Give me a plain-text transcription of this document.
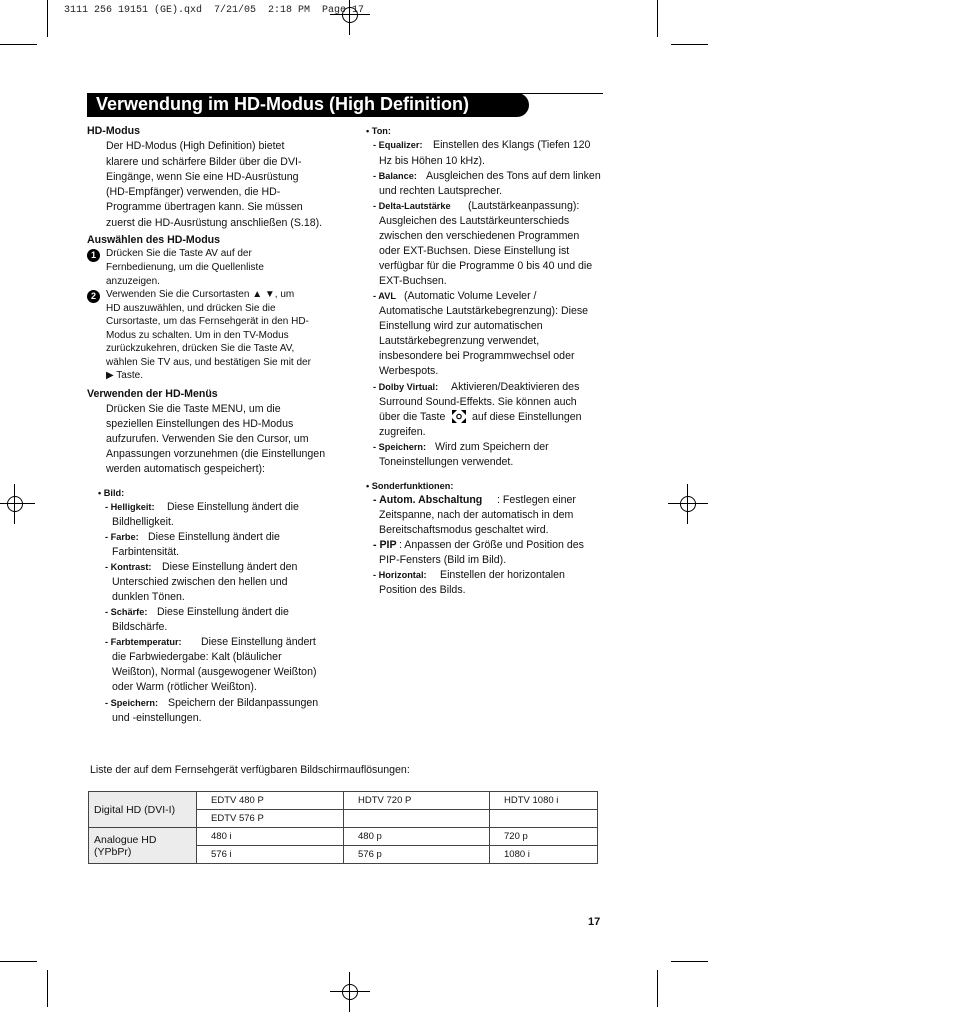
3111 256 19151 (GE).qxd  7/21/05  2:18 PM  Page 17
Verwendung im HD-Modus (High Definition)
HD-Modus
Der HD-Modus (High Definition) bietet
klarere und schärfere Bilder über die DVI-
Eingänge, wenn Sie eine HD-Ausrüstung
(HD-Empfänger) verwenden, die HD-
Programme übertragen kann. Sie müssen
zuerst die HD-Ausrüstung anschließen (S.18).
Auswählen des HD-Modus
1	Drücken Sie die Taste AV auf der
Fernbedienung, um die Quellenliste
anzuzeigen.
2	Verwenden Sie die Cursortasten ▲ ▼, um
HD auszuwählen, und drücken Sie die
Cursortaste, um das Fernsehgerät in den HD-
Modus zu schalten. Um in den TV-Modus
zurückzukehren, drücken Sie die Taste AV,
wählen Sie TV aus, und bestätigen Sie mit der
▶ Taste.
Verwenden der HD-Menüs
Drücken Sie die Taste MENU, um die
speziellen Einstellungen des HD-Modus
aufzurufen. Verwenden Sie den Cursor, um
Anpassungen vorzunehmen (die Einstellungen
werden automatisch gespeichert):
• Bild:
- Helligkeit: Diese Einstellung ändert die
Bildhelligkeit.
- Farbe: Diese Einstellung ändert die
Farbintensität.
- Kontrast: Diese Einstellung ändert den
Unterschied zwischen den hellen und
dunklen Tönen.
- Schärfe: Diese Einstellung ändert die
Bildschärfe.
- Farbtemperatur: Diese Einstellung ändert
die Farbwiedergabe: Kalt (bläulicher
Weißton), Normal (ausgewogener Weißton)
oder Warm (rötlicher Weißton).
- Speichern: Speichern der Bildanpassungen
und -einstellungen.
• Ton:
- Equalizer: Einstellen des Klangs (Tiefen 120
Hz bis Höhen 10 kHz).
- Balance: Ausgleichen des Tons auf dem linken
und rechten Lautsprecher.
- Delta-Lautstärke (Lautstärkeanpassung):
Ausgleichen des Lautstärkeunterschieds
zwischen den verschiedenen Programmen
oder EXT-Buchsen. Diese Einstellung ist
verfügbar für die Programme 0 bis 40 und die
EXT-Buchsen.
- AVL (Automatic Volume Leveler /
Automatische Lautstärkebegrenzung): Diese
Einstellung wird zur automatischen
Lautstärkebegrenzung verwendet,
insbesondere bei Programmwechsel oder
Werbespots.
- Dolby Virtual: Aktivieren/Deaktivieren des
Surround Sound-Effekts. Sie können auch
über die Taste	auf diese Einstellungen
zugreifen.
- Speichern: Wird zum Speichern der
Toneinstellungen verwendet.
• Sonderfunktionen:
- Autom. Abschaltung : Festlegen einer
Zeitspanne, nach der automatisch in dem
Bereitschaftsmodus geschaltet wird.
- PIP : Anpassen der Größe und Position des
PIP-Fensters (Bild im Bild).
- Horizontal: Einstellen der horizontalen
Position des Bilds.
Liste der auf dem Fernsehgerät verfügbaren Bildschirmauflösungen:
Digital HD (DVI-I)	EDTV 480 P	HDTV 720 P	HDTV 1080 i
	EDTV 576 P		
Analogue HD (YPbPr)	480 i	480 p	720 p
	576 i	576 p	1080 i
17
